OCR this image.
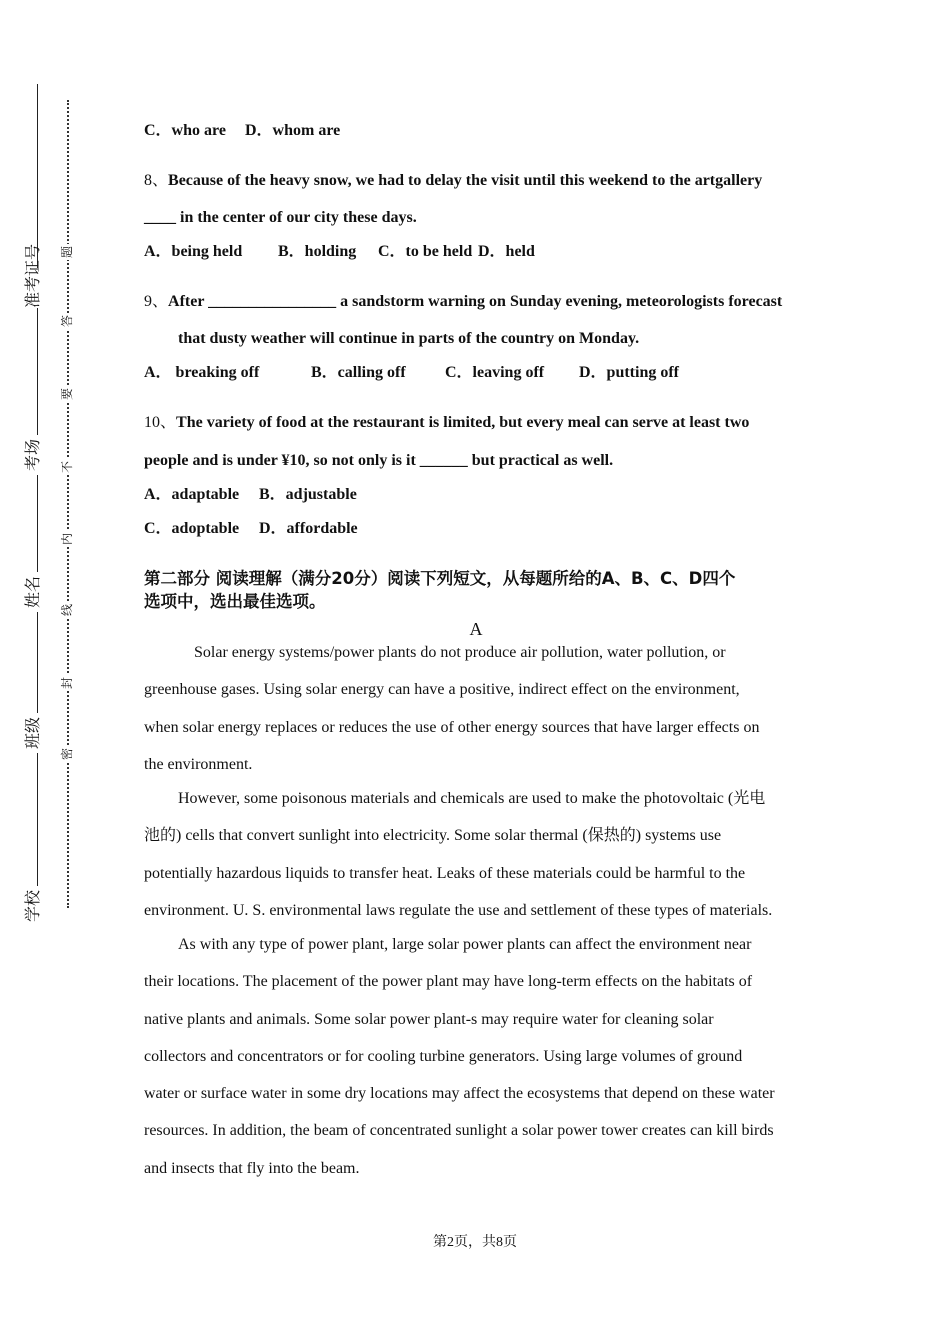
准考证号
考场
姓名
班级
学校
题
答
要
不
内
线
封
密
C．who are D．whom are
8、Because of the heavy snow, we had to delay the visit until this weekend to the artgallery
____ in the center of our city these days.
A．being held B．holding C．to be held D．held
9、After ________________ a sandstorm warning on Sunday evening, meteorologists forecast
that dusty weather will continue in parts of the country on Monday.
A． breaking off	B．calling off C．leaving off D．putting off
10、The variety of food at the restaurant is limited, but every meal can serve at least two
people and is under ¥10, so not only is it ______ but practical as well.
A．adaptable B．adjustable
C．adoptable D．affordable
第二部分 阅读理解（满分20分）阅读下列短文，从每题所给的A、B、C、D四个
选项中，选出最佳选项。
A

Solar energy systems/power plants do not produce air pollution, water pollution, or

greenhouse gases. Using solar energy can have a positive, indirect effect on the environment,

when solar energy replaces or reduces the use of other energy sources that have larger effects on

the environment.

However, some poisonous materials and chemicals are used to make the photovoltaic (光电

池的) cells that convert sunlight into electricity. Some solar thermal (保热的) systems use

potentially hazardous liquids to transfer heat. Leaks of these materials could be harmful to the

environment. U. S. environmental laws regulate the use and settlement of these types of materials.

As with any type of power plant, large solar power plants can affect the environment near

their locations. The placement of the power plant may have long-term effects on the habitats of

native plants and animals. Some solar power plant-s may require water for cleaning solar

collectors and concentrators or for cooling turbine generators. Using large volumes of ground

water or surface water in some dry locations may affect the ecosystems that depend on these water

resources. In addition, the beam of concentrated sunlight a solar power tower creates can kill birds

and insects that fly into the beam.

第2页，共8页
